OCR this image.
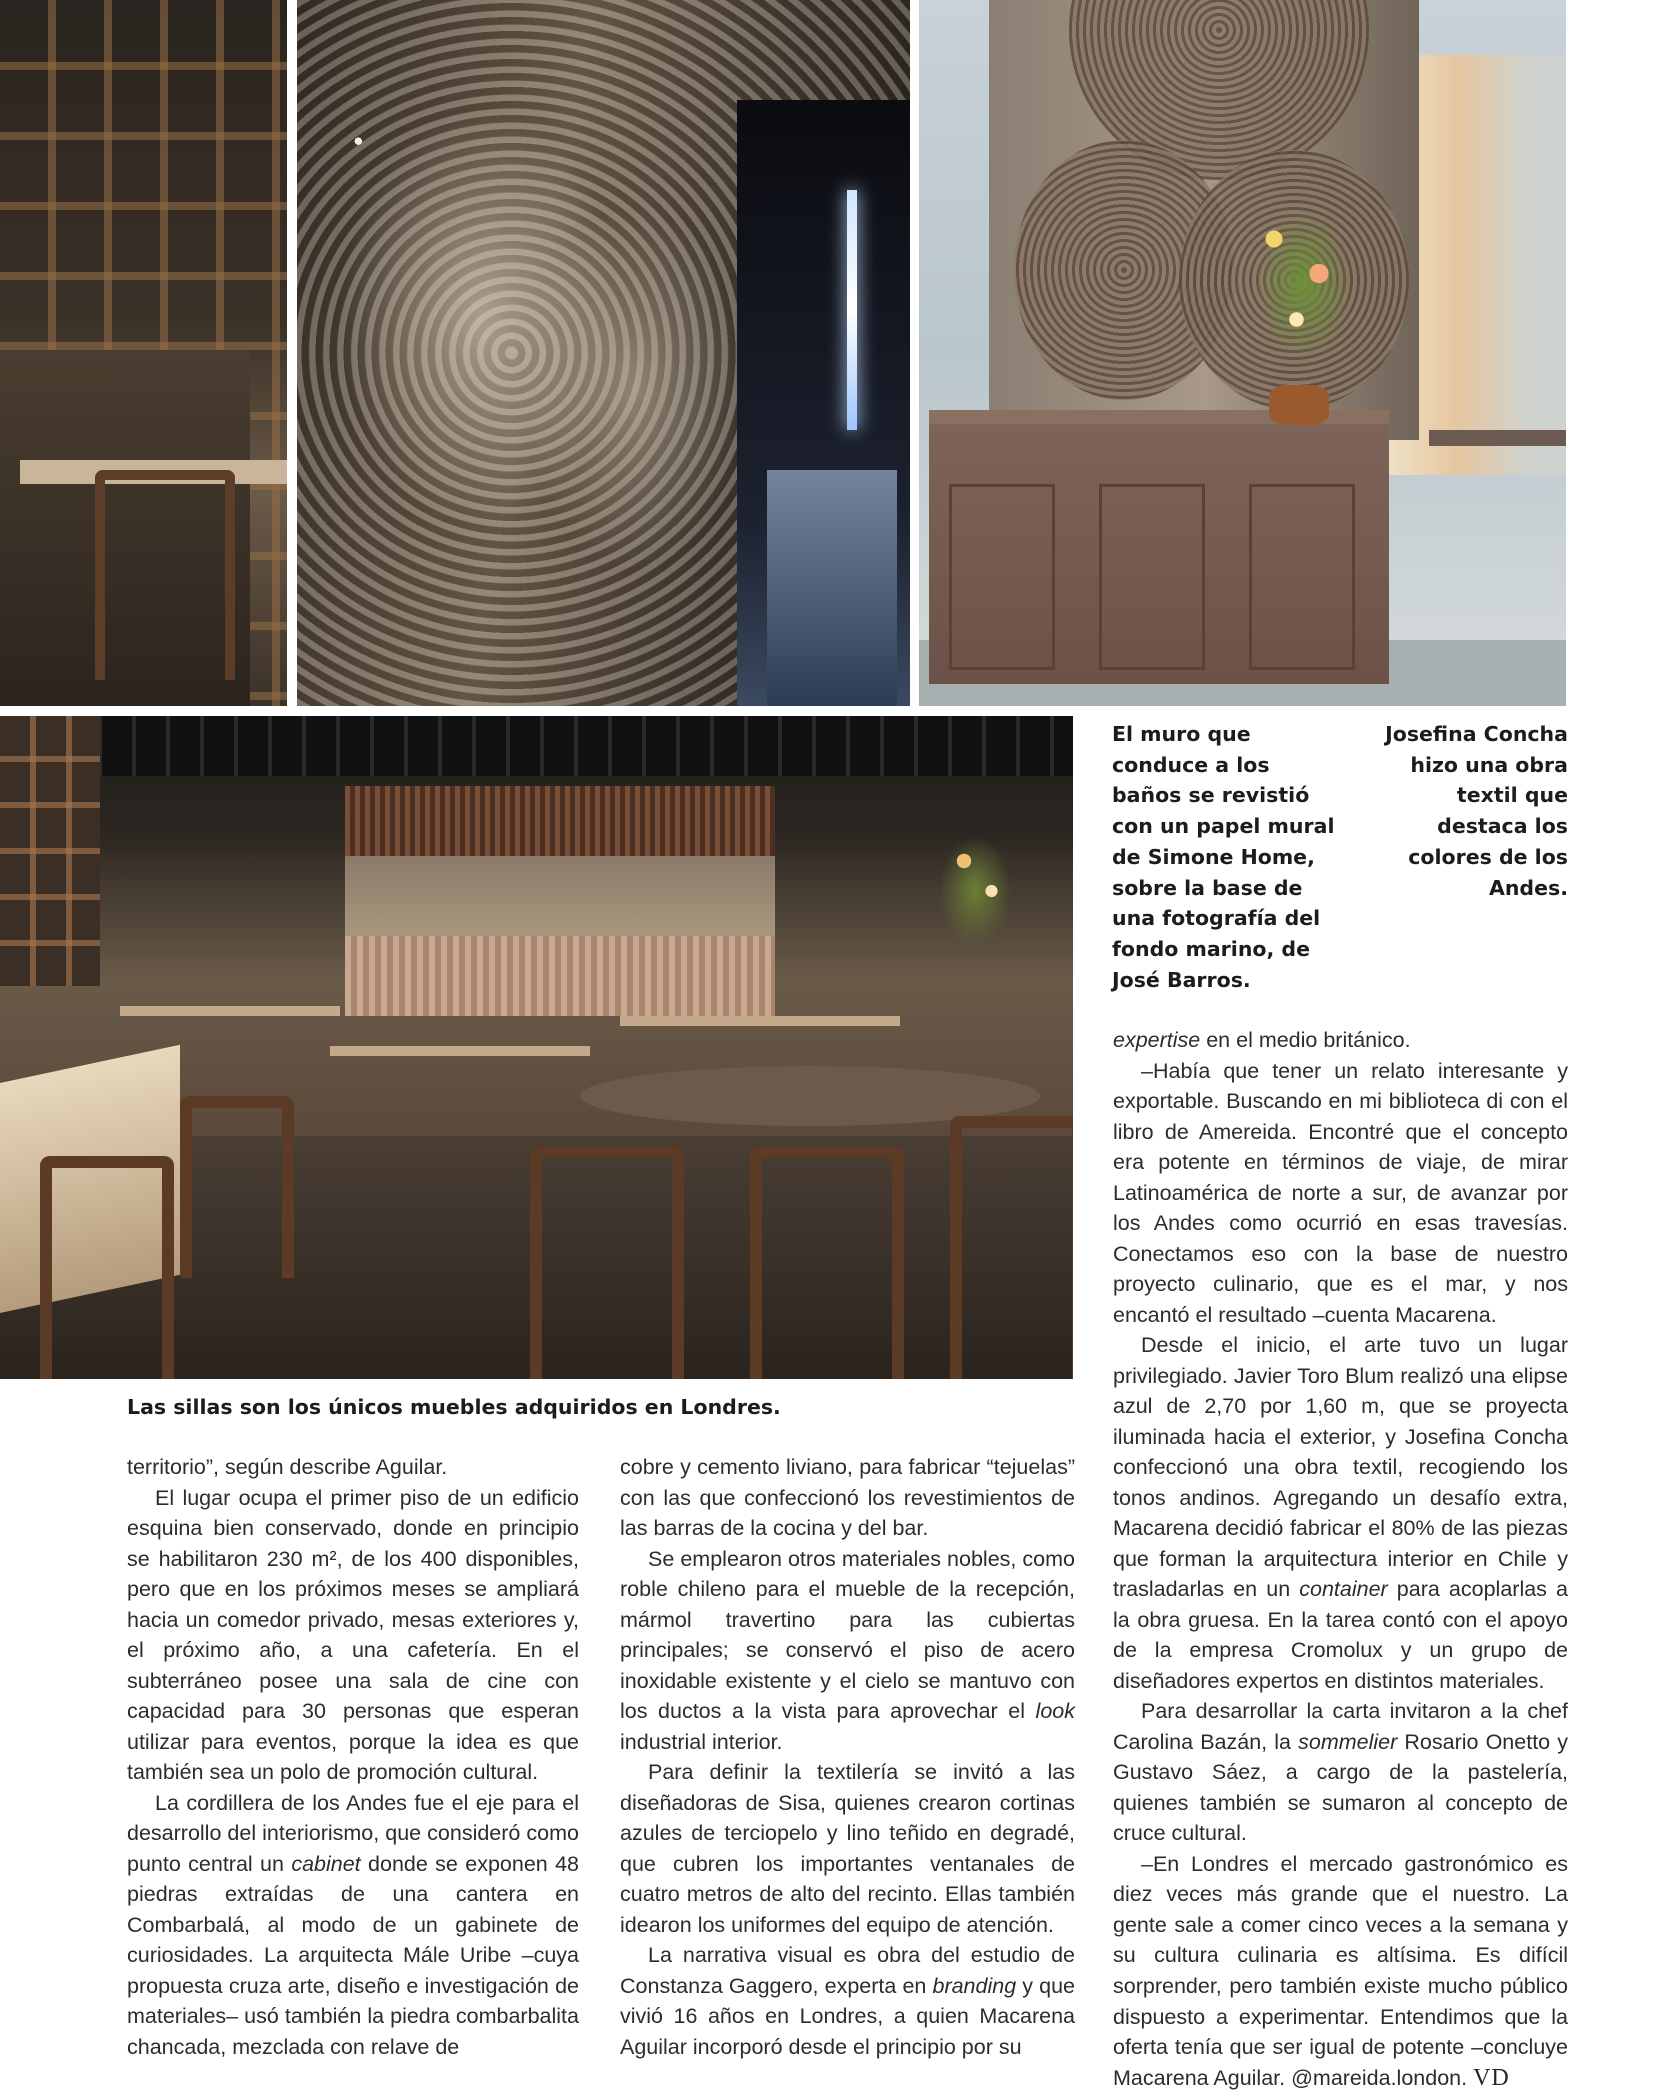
El muro que conduce a los baños se revistió con un papel mural de Simone Home, sobre la base de una fotografía del fondo marino, de José Barros.
Josefina Concha hizo una obra textil que destaca los colores de los Andes.
Las sillas son los únicos muebles adquiridos en Londres.

territorio”, según describe Aguilar.

El lugar ocupa el primer piso de un edificio esquina bien conservado, donde en principio se habilitaron 230 m², de los 400 disponibles, pero que en los próximos meses se ampliará hacia un comedor privado, mesas exteriores y, el próximo año, a una cafetería. En el subterráneo posee una sala de cine con capacidad para 30 personas que esperan utilizar para eventos, porque la idea es que también sea un polo de promoción cultural.

La cordillera de los Andes fue el eje para el desarrollo del interiorismo, que consideró como punto central un cabinet donde se exponen 48 piedras extraídas de una cantera en Combarbalá, al modo de un gabinete de curiosidades. La arquitecta Mále Uribe –cuya propuesta cruza arte, diseño e investigación de materiales– usó también la piedra combarbalita chancada, mezclada con relave de

cobre y cemento liviano, para fabricar “tejuelas” con las que confeccionó los revestimientos de las barras de la cocina y del bar.

Se emplearon otros materiales nobles, como roble chileno para el mueble de la recepción, mármol travertino para las cubiertas principales; se conservó el piso de acero inoxidable existente y el cielo se mantuvo con los ductos a la vista para aprovechar el look industrial interior.

Para definir la textilería se invitó a las diseñadoras de Sisa, quienes crearon cortinas azules de terciopelo y lino teñido en degradé, que cubren los importantes ventanales de cuatro metros de alto del recinto. Ellas también idearon los uniformes del equipo de atención.

La narrativa visual es obra del estudio de Constanza Gaggero, experta en branding y que vivió 16 años en Londres, a quien Macarena Aguilar incorporó desde el principio por su

expertise en el medio británico.

–Había que tener un relato interesante y exportable. Buscando en mi biblioteca di con el libro de Amereida. Encontré que el concepto era potente en términos de viaje, de mirar Latinoamérica de norte a sur, de avanzar por los Andes como ocurrió en esas travesías. Conectamos eso con la base de nuestro proyecto culinario, que es el mar, y nos encantó el resultado –cuenta Macarena.

Desde el inicio, el arte tuvo un lugar privilegiado. Javier Toro Blum realizó una elipse azul de 2,70 por 1,60 m, que se proyecta iluminada hacia el exterior, y Josefina Concha confeccionó una obra textil, recogiendo los tonos andinos. Agregando un desafío extra, Macarena decidió fabricar el 80% de las piezas que forman la arquitectura interior en Chile y trasladarlas en un container para acoplarlas a la obra gruesa. En la tarea contó con el apoyo de la empresa Cromolux y un grupo de diseñadores expertos en distintos materiales.

Para desarrollar la carta invitaron a la chef Carolina Bazán, la sommelier Rosario Onetto y Gustavo Sáez, a cargo de la pastelería, quienes también se sumaron al concepto de cruce cultural.

–En Londres el mercado gastronómico es diez veces más grande que el nuestro. La gente sale a comer cinco veces a la semana y su cultura culinaria es altísima. Es difícil sorprender, pero también existe mucho público dispuesto a experimentar. Entendimos que la oferta tenía que ser igual de potente –concluye Macarena Aguilar. @mareida.london. VD
